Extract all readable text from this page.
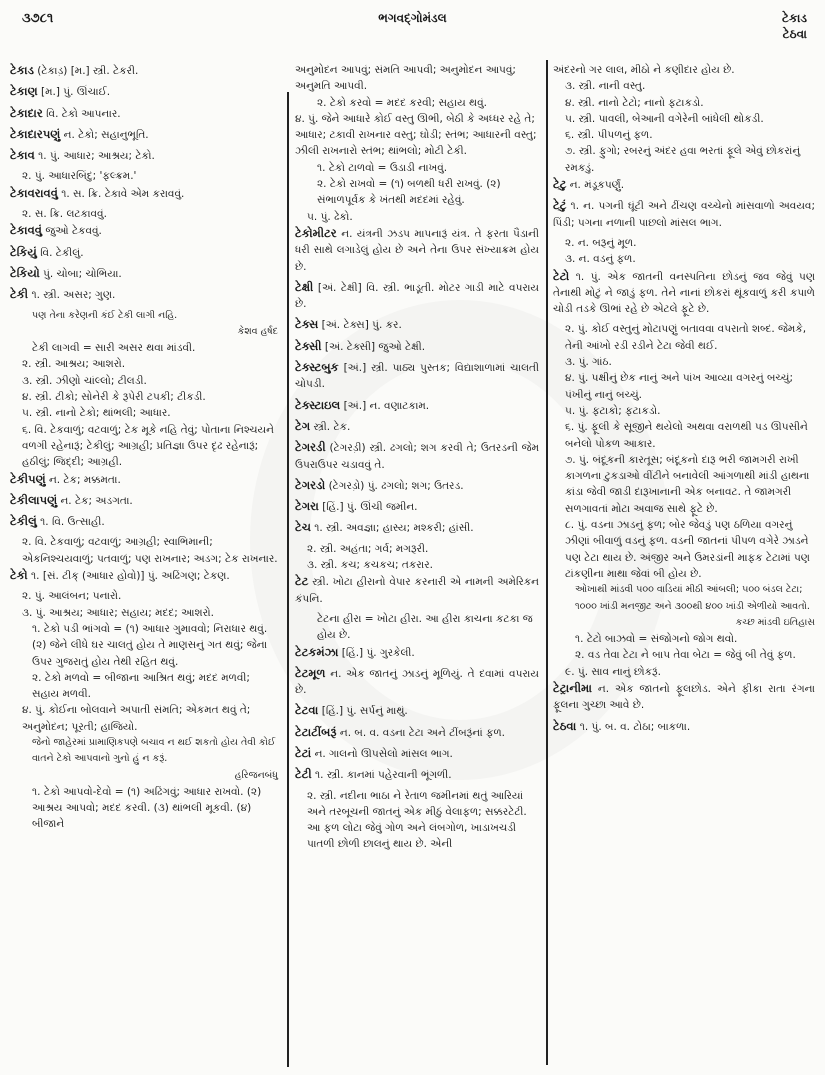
૩૭૮૧	ભગવદ્ગોમંડલ	ટેકાડ
ટેઠવા

ટેકાડ (ટેકાડ઼) [મ.] સ્ત્રી. ટેકરી.

ટેકાણ [મ.] પું. ઊંચાઈ.

ટેકાદાર વિ. ટેકો આપનાર.

ટેકાદારપણું ન. ટેકો; સહાનુભૂતિ.

ટેકાવ ૧. પું. આધાર; આશ્રય; ટેકો.

૨. પું. આધારબિંદુ; 'ફલ્ક્રમ.'

ટેકાવરાવવું ૧. સ. ક્રિ. ટેકાવે એમ કરાવવું.

૨. સ. ક્રિ. લટકાવવું.

ટેકાવવું જુઓ ટેકવવું.

ટેકિયું વિ. ટેકીલું.

ટેકિયો પું. ચોબા; ચોભિયા.

ટેકી ૧. સ્ત્રી. અસર; ગુણ.

પણ તેના કરેણની કંઈ ટેકી લાગી નહિ.

કેશવ હર્ષદ

ટેકી લાગવી = સારી અસર થવા માંડવી.

૨. સ્ત્રી. આશ્રય; આશરો.

૩. સ્ત્રી. ઝીણો ચાંલ્લો; ટીલડી.

૪. સ્ત્રી. ટીકો; સોનેરી કે રૂપેરી ટપકી; ટીકડી.

૫. સ્ત્રી. નાનો ટેકો; થાંભલી; આધાર.

૬. વિ. ટેકવાળું; વટવાળું; ટેક મૂકે નહિ તેવું; પોતાના નિશ્ચયને વળગી રહેનારૂં; ટેકીલું; આગ્રહી; પ્રતિજ્ઞા ઉપર દૃઢ રહેનારૂં; હઠીલું; જિદ્દી; આગ્રહી.

ટેકીપણું ન. ટેક; મક્કમતા.

ટેકીલાપણું ન. ટેક; અડગતા.

ટેકીલું ૧. વિ. ઉત્સાહી.

૨. વિ. ટેકવાળું; વટવાળું; આગ્રહી; સ્વાભિમાની; એકનિશ્ચયવાળું; પતવાળું; પણ રાખનાર; અડગ; ટેક રાખનાર.

ટેકો ૧. [સં. ટીક્ (આધાર હોવો)] પું. અઢિંગણ; ટેકણ.

૨. પું. આલંબન; પનારો.

૩. પું. આશ્રય; આધાર; સહાય; મદદ; આશરો.

૧. ટેકો પડી ભાંગવો = (૧) આધાર ગુમાવવો; નિરાધાર થવું. (૨) જેને લીધે ઘર ચાલતું હોય તે માણસનું ગત થવું; જેના ઉપર ગુજરાતું હોય તેથી રહિત થવું.

૨. ટેકો મળવો = બીજાના આશ્રિત થવું; મદદ મળવી; સહાય મળવી.

૪. પું. કોઈના બોલવાને અપાતી સંમતિ; એકમત થવું તે; અનુમોદન; પૂરતી; હાજિયો.

જેનો જાહેરમાં પ્રામાણિકપણે બચાવ ન થઈ શકતો હોય તેવી કોઈ વાતને ટેકો આપવાનો ગુનો હું ન કરૂં.

હરિજનબંધુ

૧. ટેકો આપવો-દેવો = (૧) અઢિંગવું; આધાર રાખવો. (૨) આશ્રય આપવો; મદદ કરવી. (૩) થાંભલી મૂકવી. (૪) બીજાને

અનુમોદન આપવું; સંમતિ આપવી; અનુમોદન આપવું; અનુમતિ આપવી.

૨. ટેકો કરવો = મદદ કરવી; સહાય થવું.

૪. પું. જેને આધારે કોઈ વસ્તુ ઊભી, બેઠી કે અધ્ધર રહે તે; આધાર; ટકાવી રાખનાર વસ્તુ; ઘોડી; સ્તંભ; આધારની વસ્તુ; ઝીલી રાખનારો સ્તંભ; થાંભલો; મોટી ટેકી.

૧. ટેકો ટાળવો = ઉડાડી નાખવું.

૨. ટેકો રાખવો = (૧) બળથી ધરી રાખવું. (૨) સંભાળપૂર્વક કે ખંતથી મદદમાં રહેવું.

૫. પું. ઢેકો.

ટેકોમીટર ન. યંત્રની ઝડપ માપનારૂં યંત્ર. તે ફરતા પૈડાની ધરી સાથે લગાડેલું હોય છે અને તેના ઉપર સંખ્યાક્રમ હોય છે.

ટેક્ષી [અં. ટેક્ષી] વિ. સ્ત્રી. ભાડૂતી. મોટર ગાડી માટે વપરાય છે.

ટેક્સ [અં. ટેક્સ] પું. કર.

ટેક્સી [અં. ટેક્સી] જુઓ ટેક્ષી.

ટેક્સ્ટબુક [અં.] સ્ત્રી. પાઠ્ય પુસ્તક; વિદ્યાશાળામાં ચાલતી ચોપડી.

ટેક્સ્ટાઇલ [અં.] ન. વણાટકામ.

ટેગ સ્ત્રી. ટેક.

ટેગરડી (ટેગરડ઼ી) સ્ત્રી. ઢગલો; શગ કરવી તે; ઉતરડની જેમ ઉપરાઉપર ચડાવવું તે.

ટેગરડો (ટેગરડ઼ો) પું. ઢગલો; શગ; ઉતરડ.

ટેગરા [હિં.] પું. ઊંચી જમીન.

ટેચ ૧. સ્ત્રી. અવજ્ઞા; હાસ્ય; મશ્કરી; હાંસી.

૨. સ્ત્રી. અહંતા; ગર્વ; મગરૂરી.

૩. સ્ત્રી. કચ; કચકચ; તકરાર.

ટેટ સ્ત્રી. ખોટા હીરાનો વેપાર કરનારી એ નામની અમેરિકન કંપનિ.

ટેટના હીરા = ખોટા હીરા. આ હીરા કાચના કટકા જ હોય છે.

ટેટકમંઝા [હિં.] પું. ગુરકેલી.

ટેટમૂળ ન. એક જાતનું ઝાડનું મૂળિયું. તે દવામાં વપરાય છે.

ટેટવા [હિં.] પું. સર્પનું માથું.

ટેટાટીંબરૂં ન. બ. વ. વડના ટેટા અને ટીંબરૂંનાં ફળ.

ટેટાં ન. ગાલનો ઊપસેલો માંસલ ભાગ.

ટેટી ૧. સ્ત્રી. કાનમાં પહેરવાની ભૂંગળી.

૨. સ્ત્રી. નદીના ભાઠા ને રેતાળ જમીનમાં થતું આરિયાં અને તરબૂચની જાતનું એક મીઠું વેલાફળ; સક્કરટેટી. આ ફળ લોટા જેવું ગોળ અને લંબગોળ, ખાડાખચડી પાતળી છોળી છાલનું થાય છે. એની

અંદરનો ગર લાલ, મીઠો ને કણીદાર હોય છે.

૩. સ્ત્રી. નાની વસ્તુ.

૪. સ્ત્રી. નાનો ટેટો; નાનો ફટાકડો.

૫. સ્ત્રી. પાવલી, બેઆની વગેરેની બાંધેલી થોકડી.

૬. સ્ત્રી. પીપળનું ફળ.

૭. સ્ત્રી. ફુગો; રબરનું અંદર હવા ભરતાં ફૂલે એવું છોકરાંનું રમકડું.

ટેટુ ન. મંડૂકપર્ણું.

ટેટું ૧. ન. પગની ઘૂંટી અને ઢીંચણ વચ્ચેનો માંસવાળો અવયવ; પિંડી; પગના નળાની પાછલો માંસલ ભાગ.

૨. ન. બરૂનું મૂળ.

૩. ન. વડનું ફળ.

ટેટો ૧. પું. એક જાતની વનસ્પતિના છોડનું જવ જેવું પણ તેનાથી મોટું ને જાડું ફળ. તેને નાનાં છોકરાં થૂંકવાળું કરી કપાળે ચોડી તડકે ઊભાં રહે છે એટલે ફૂટે છે.

૨. પું. કોઈ વસ્તુનું મોટાપણું બતાવવા વપરાતો શબ્દ. જેમકે, તેની આંખો રડી રડીને ટેટા જેવી થઈ.

૩. પું. ગાંઠ.

૪. પું. પક્ષીનું છેક નાનું અને પાંખ આવ્યા વગરનું બચ્ચું; પંખીનું નાનું બચ્ચું.

૫. પું. ફટાકો; ફટાકડો.

૬. પું. ફૂલી કે સૂજીને થયેલો અથવા વરાળથી પડ ઊપસીને બનેલો પોકળ આકાર.

૭. પું. બંદૂકની કારતૂસ; બંદૂકનો દારૂ ભરી જામગરી રાખી કાગળના ટુકડાઓ વીંટીને બનાવેલી આંગળાથી માંડી હાથના કાંડા જેવી જાડી દારૂખાનાની એક બનાવટ. તે જામગરી સળગાવતાં મોટા અવાજ સાથે ફૂટે છે.

૮. પું. વડના ઝાડનું ફળ; બોર જેવડું પણ ઠળિયા વગરનું ઝીણાં બીવાળું વડનું ફળ. વડની જાતનાં પીપળ વગેરે ઝાડને પણ ટેટા થાય છે. અંજીર અને ઉમરડાંની માફક ટેટામાં પણ ટાંકણીના માથા જેવાં બી હોય છે.

ઓખાથી માંડવી ૫૦૦ વાડિયાં મીઠી આંબલી; ૫૦૦ બંડલ ટેટા; ૧૦૦૦ ખાંડી મનજીટ અને ૩૦૦થી ૪૦૦ ખાંડી એળીયો આવતો.

કચ્છ માંડવી ઇતિહાસ

૧. ટેટો બાઝવો = સંજોગનો જોગ થવો.

૨. વડ તેવા ટેટા ને બાપ તેવા બેટા = જેવું બી તેવું ફળ.

૯. પું. સાવ નાનું છોકરૂં.

ટેટ્રાનીમા ન. એક જાતનો ફૂલછોડ. એને ફીકા રાતા રંગના ફૂલના ગુચ્છા આવે છે.

ટેઠવા ૧. પું. બ. વ. ટોઠા; બાકળા.
